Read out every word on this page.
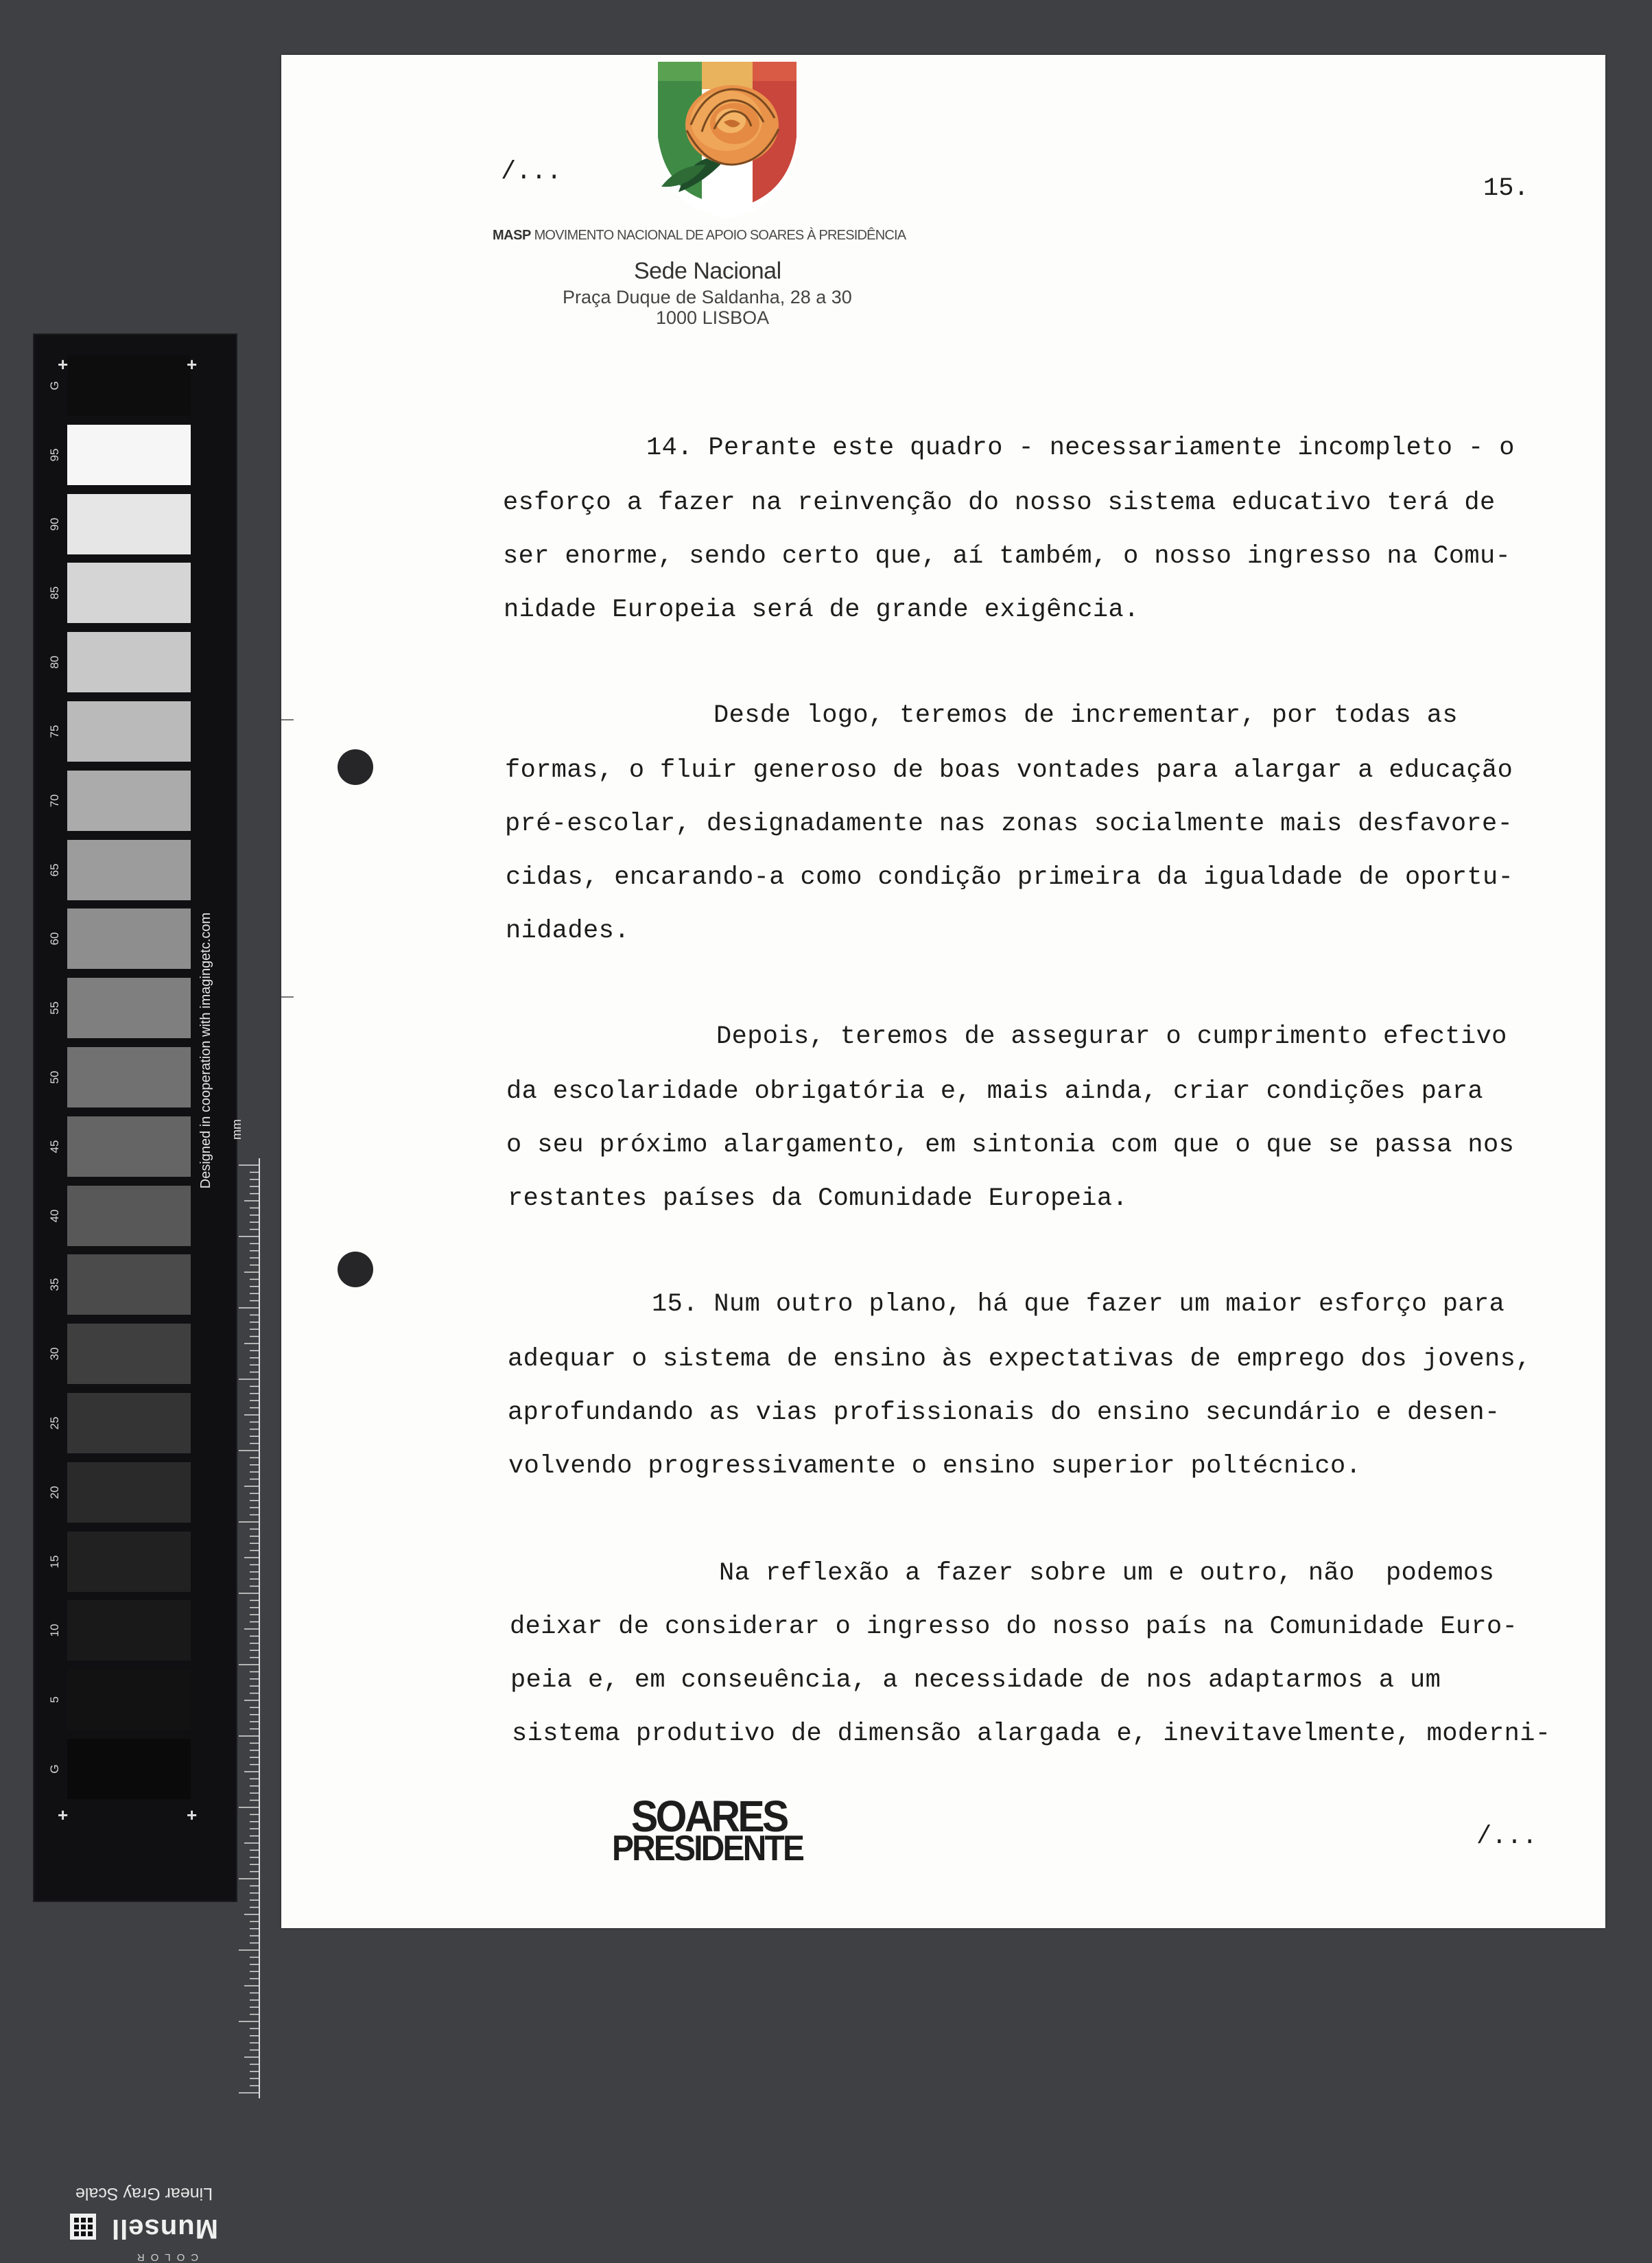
G
95
90
85
80
75
70
65
60
55
50
45
40
35
30
25
20
15
10
5
G
+	+
+	+
Designed in cooperation with imagingetc.com mm
Linear Gray Scale
COLOR
Munsell
/...
15.
MASP MOVIMENTO NACIONAL DE APOIO SOARES À PRESIDÊNCIA
Sede Nacional
Praça Duque de Saldanha, 28 a 30
1000 LISBOA
14. Perante este quadro - necessariamente incompleto - o
esforço a fazer na reinvenção do nosso sistema educativo terá de
ser enorme, sendo certo que, aí também, o nosso ingresso na Comu-
nidade Europeia será de grande exigência.
Desde logo, teremos de incrementar, por todas as
formas, o fluir generoso de boas vontades para alargar a educação
pré-escolar, designadamente nas zonas socialmente mais desfavore-
cidas, encarando-a como condição primeira da igualdade de oportu-
nidades.
Depois, teremos de assegurar o cumprimento efectivo
da escolaridade obrigatória e, mais ainda, criar condições para
o seu próximo alargamento, em sintonia com que o que se passa nos
restantes países da Comunidade Europeia.
15. Num outro plano, há que fazer um maior esforço para
adequar o sistema de ensino às expectativas de emprego dos jovens,
aprofundando as vias profissionais do ensino secundário e desen-
volvendo progressivamente o ensino superior poltécnico.
Na reflexão a fazer sobre um e outro, não  podemos
deixar de considerar o ingresso do nosso país na Comunidade Euro-
peia e, em conseuência, a necessidade de nos adaptarmos a um
sistema produtivo de dimensão alargada e, inevitavelmente, moderni-
SOARES
PRESIDENTE	/...
